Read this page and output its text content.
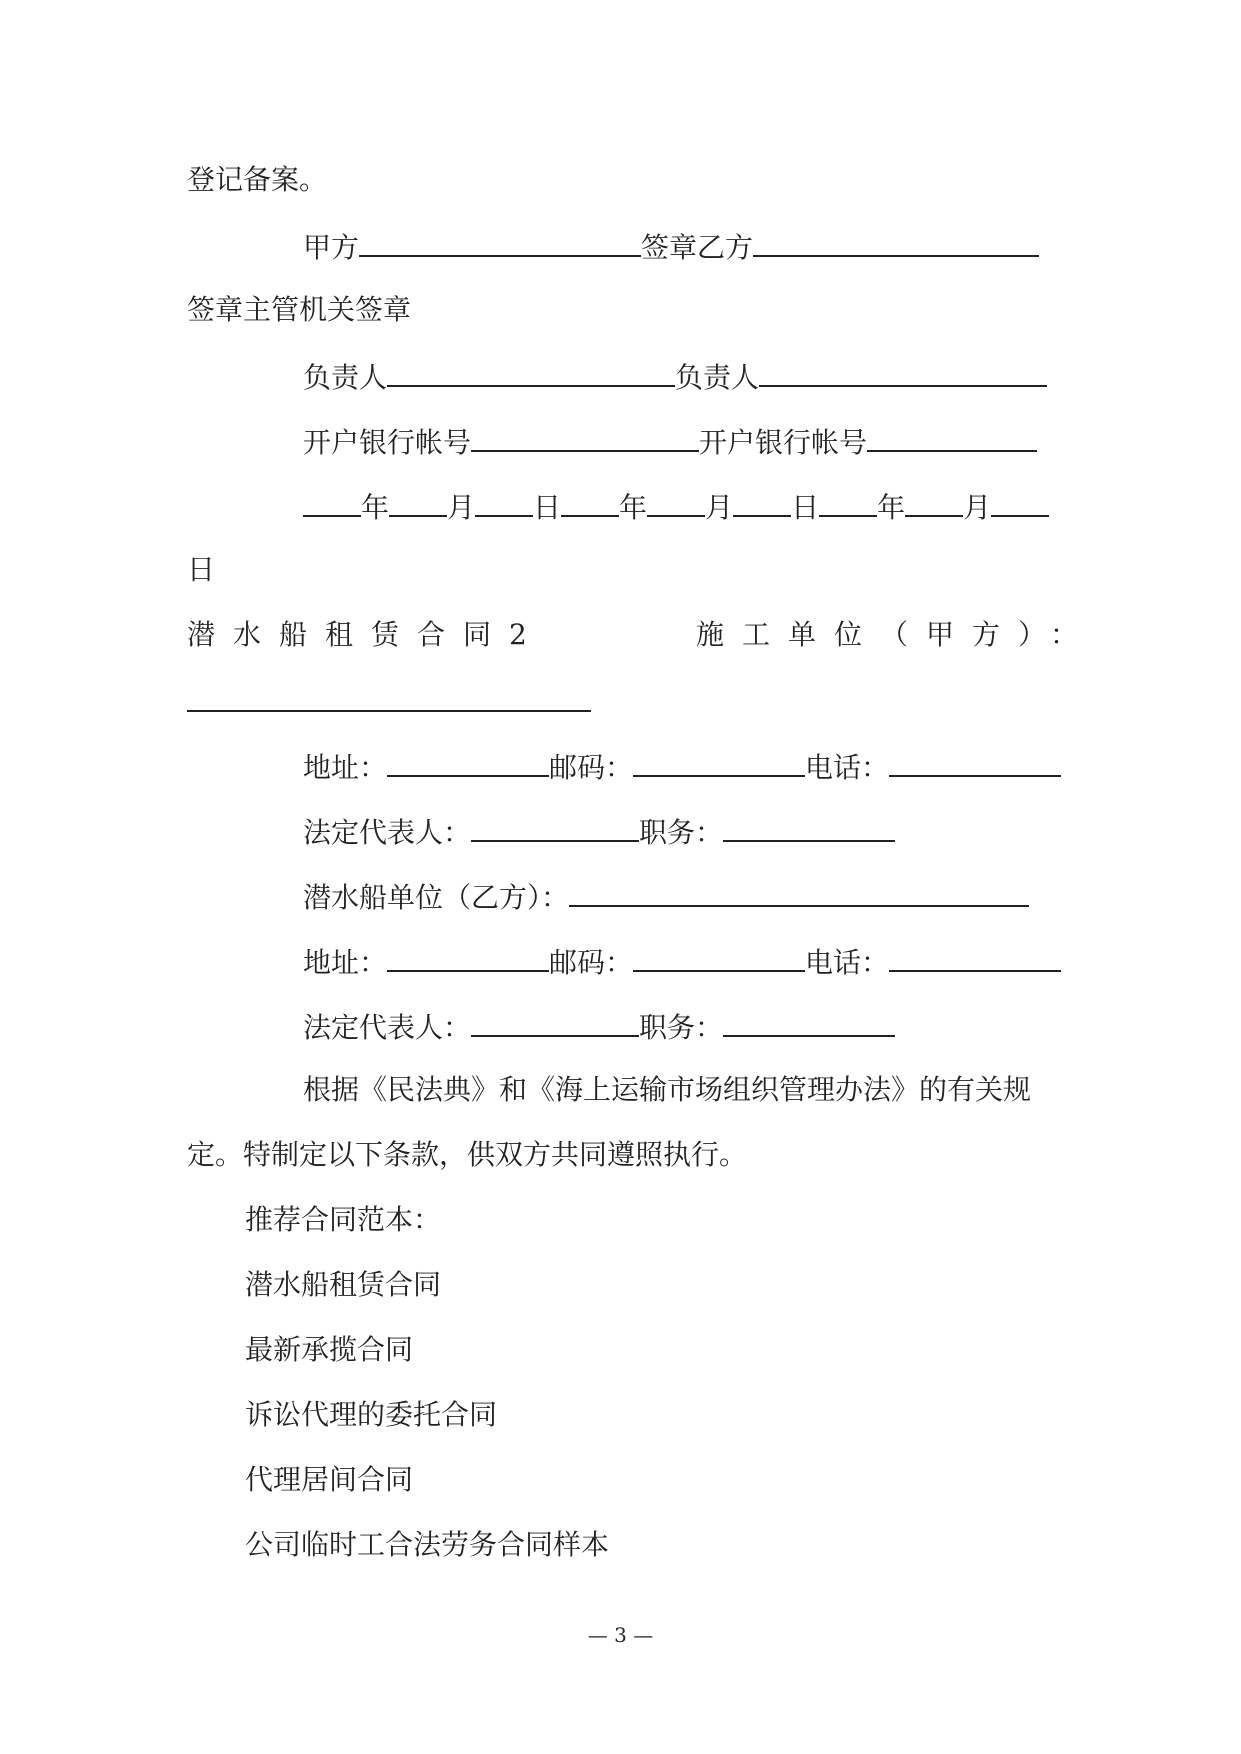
登记备案。
甲方	签章乙方
签章主管机关签章
负责人	负责人
开户银行帐号	开户银行帐号
年 月 日 年 月 日 年 月
日
潜水船租赁合同2	施工单位（甲方）：
地址：	邮码：	电话：
法定代表人：	职务：
潜水船单位（乙方）：
地址：	邮码：	电话：
法定代表人：	职务：
根据《民法典》和《海上运输市场组织管理办法》的有关规
定。特制定以下条款，供双方共同遵照执行。
推荐合同范本：
潜水船租赁合同
最新承揽合同
诉讼代理的委托合同
代理居间合同
公司临时工合法劳务合同样本
— 3 —
